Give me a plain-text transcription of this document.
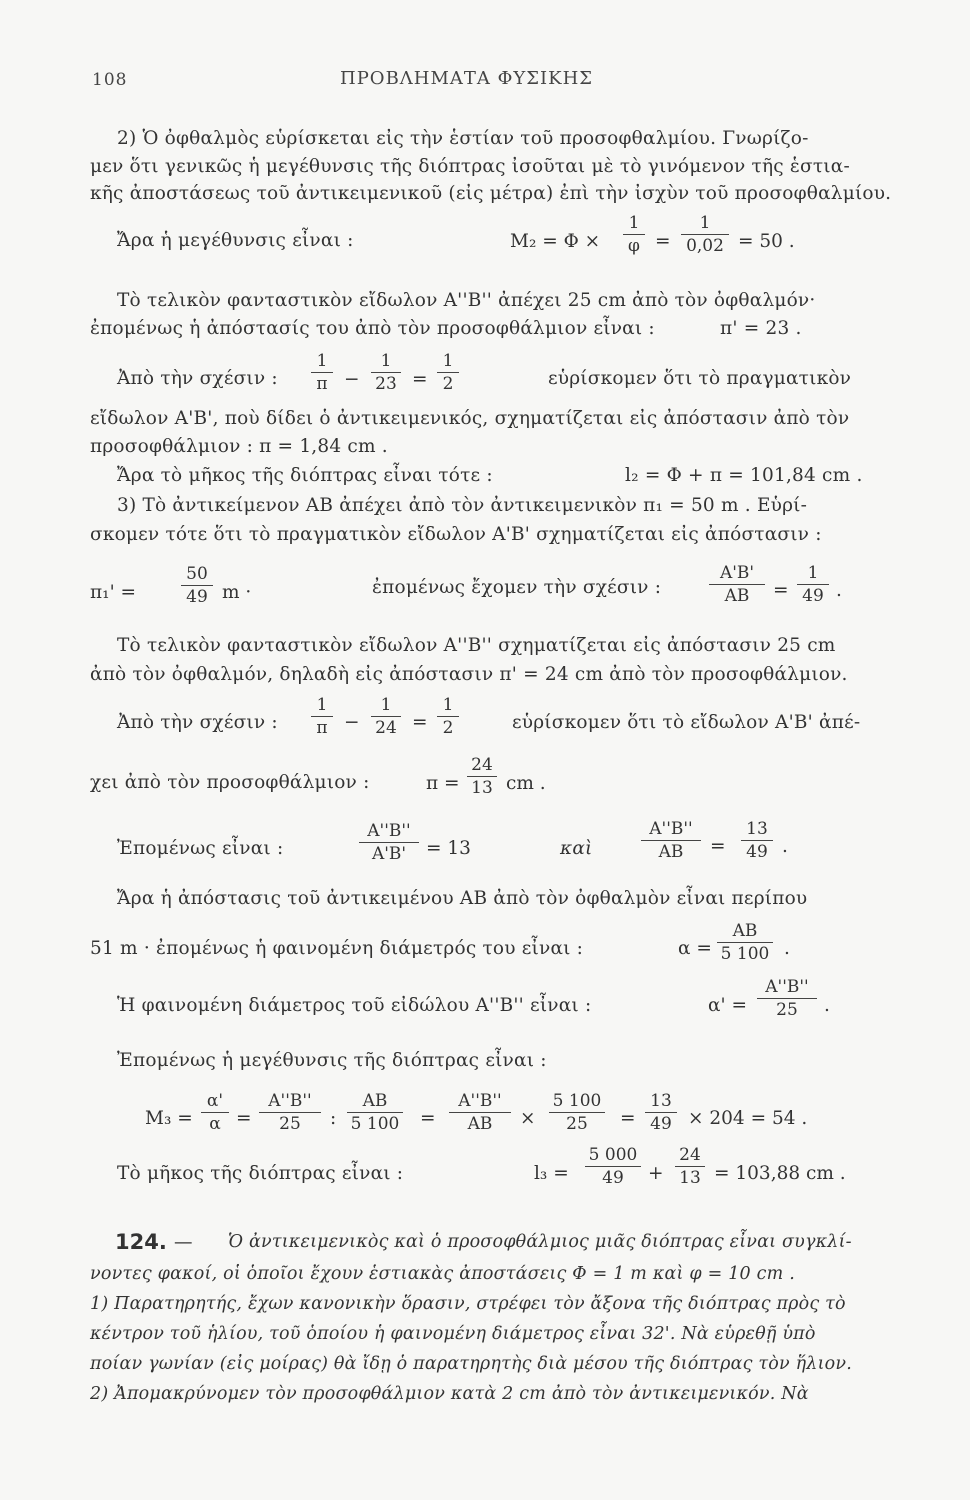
108	ΠΡΟΒΛΗΜΑΤΑ ΦΥΣΙΚΗΣ
2) Ὁ ὀφθαλμὸς εὑρίσκεται εἰς τὴν ἑστίαν τοῦ προσοφθαλμίου. Γνωρίζο-
μεν ὅτι γενικῶς ἡ μεγέθυνσις τῆς διόπτρας ἰσοῦται μὲ τὸ γινόμενον τῆς ἑστια-
κῆς ἀποστάσεως τοῦ ἀντικειμενικοῦ (εἰς μέτρα) ἐπὶ τὴν ἰσχὺν τοῦ προσοφθαλμίου.
Ἄρα ἡ μεγέθυνσις εἶναι :	M₂ = Φ ×
1
φ =
1
0,02 = 50 .
Τὸ τελικὸν φανταστικὸν εἴδωλον A''B'' ἀπέχει 25 cm ἀπὸ τὸν ὀφθαλμόν·
ἐπομένως ἡ ἀπόστασίς του ἀπὸ τὸν προσοφθάλμιον εἶναι :	π' = 23 .
Ἀπὸ τὴν σχέσιν :
1
π −
1
23 =
1
2	εὑρίσκομεν ὅτι τὸ πραγματικὸν
εἴδωλον A'B', ποὺ δίδει ὁ ἀντικειμενικός, σχηματίζεται εἰς ἀπόστασιν ἀπὸ τὸν
προσοφθάλμιον : π = 1,84 cm .
Ἄρα τὸ μῆκος τῆς διόπτρας εἶναι τότε :	l₂ = Φ + π = 101,84 cm .
3) Τὸ ἀντικείμενον AB ἀπέχει ἀπὸ τὸν ἀντικειμενικὸν π₁ = 50 m . Εὑρί-
σκομεν τότε ὅτι τὸ πραγματικὸν εἴδωλον A'B' σχηματίζεται εἰς ἀπόστασιν :
π₁' =
50
49 m ·	ἐπομένως ἔχομεν τὴν σχέσιν :
A'B'
AB	=
1
49 .
Τὸ τελικὸν φανταστικὸν εἴδωλον A''B'' σχηματίζεται εἰς ἀπόστασιν 25 cm
ἀπὸ τὸν ὀφθαλμόν, δηλαδὴ εἰς ἀπόστασιν π' = 24 cm ἀπὸ τὸν προσοφθάλμιον.
Ἀπὸ τὴν σχέσιν :
1
π −
1
24 =
1
2	εὑρίσκομεν ὅτι τὸ εἴδωλον A'B' ἀπέ-
χει ἀπὸ τὸν προσοφθάλμιον :	π =
24
13 cm .
Ἐπομένως εἶναι :
A''B''
A'B'	= 13	καὶ
A''B''
AB	=
13
49 .
Ἄρα ἡ ἀπόστασις τοῦ ἀντικειμένου AB ἀπὸ τὸν ὀφθαλμὸν εἶναι περίπου
51 m · ἐπομένως ἡ φαινομένη διάμετρός του εἶναι :	α =
AB
5 100 .
Ἡ φαινομένη διάμετρος τοῦ εἰδώλου A''B'' εἶναι :	α' =
A''B''
25	.
Ἐπομένως ἡ μεγέθυνσις τῆς διόπτρας εἶναι :
M₃ =
α'
α =
A''B''
25	:
AB
5 100 =
A''B''
AB	×
5 100
25	=
13
49 × 204 = 54 .
Τὸ μῆκος τῆς διόπτρας εἶναι :	l₃ =
5 000
49	+
24
13 = 103,88 cm .
124. — Ὁ ἀντικειμενικὸς καὶ ὁ προσοφθάλμιος μιᾶς διόπτρας εἶναι συγκλί-
νοντες φακοί, οἱ ὁποῖοι ἔχουν ἑστιακὰς ἀποστάσεις Φ = 1 m καὶ φ = 10 cm .
1) Παρατηρητής, ἔχων κανονικὴν ὅρασιν, στρέφει τὸν ἄξονα τῆς διόπτρας πρὸς τὸ
κέντρον τοῦ ἡλίου, τοῦ ὁποίου ἡ φαινομένη διάμετρος εἶναι 32'. Νὰ εὑρεθῇ ὑπὸ
ποίαν γωνίαν (εἰς μοίρας) θὰ ἴδῃ ὁ παρατηρητὴς διὰ μέσου τῆς διόπτρας τὸν ἥλιον.
2) Ἀπομακρύνομεν τὸν προσοφθάλμιον κατὰ 2 cm ἀπὸ τὸν ἀντικειμενικόν. Νὰ
